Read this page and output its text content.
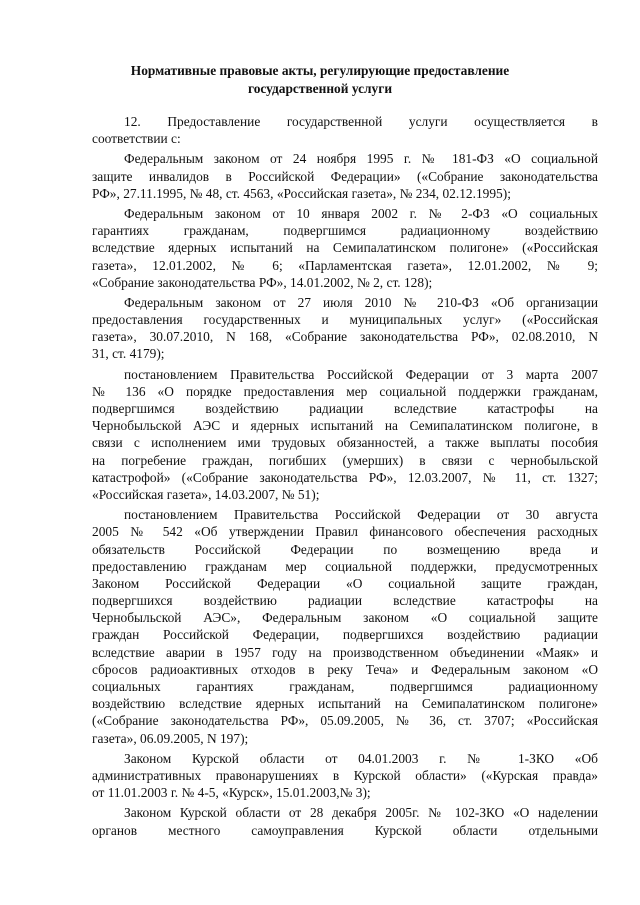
Нормативные правовые акты, регулирующие предоставление
государственной услуги
12. Предоставление государственной услуги осуществляется в
соответствии с:
Федеральным законом от 24 ноября 1995 г. № 181-ФЗ «О социальной
защите инвалидов в Российской Федерации» («Собрание законодательства
РФ», 27.11.1995, № 48, ст. 4563, «Российская газета», № 234, 02.12.1995);
Федеральным законом от 10 января 2002 г. № 2-ФЗ «О социальных
гарантиях гражданам, подвергшимся радиационному воздействию
вследствие ядерных испытаний на Семипалатинском полигоне» («Российская
газета», 12.01.2002, № 6; «Парламентская газета», 12.01.2002, № 9;
«Собрание законодательства РФ», 14.01.2002, № 2, ст. 128);
Федеральным законом от 27 июля 2010 № 210-ФЗ «Об организации
предоставления государственных и муниципальных услуг» («Российская
газета», 30.07.2010, N 168, «Собрание законодательства РФ», 02.08.2010, N
31, ст. 4179);
постановлением Правительства Российской Федерации от 3 марта 2007
№ 136 «О порядке предоставления мер социальной поддержки гражданам,
подвергшимся воздействию радиации вследствие катастрофы на
Чернобыльской АЭС и ядерных испытаний на Семипалатинском полигоне, в
связи с исполнением ими трудовых обязанностей, а также выплаты пособия
на погребение граждан, погибших (умерших) в связи с чернобыльской
катастрофой» («Собрание законодательства РФ», 12.03.2007, № 11, ст. 1327;
«Российская газета», 14.03.2007, № 51);
постановлением Правительства Российской Федерации от 30 августа
2005 № 542 «Об утверждении Правил финансового обеспечения расходных
обязательств Российской Федерации по возмещению вреда и
предоставлению гражданам мер социальной поддержки, предусмотренных
Законом Российской Федерации «О социальной защите граждан,
подвергшихся воздействию радиации вследствие катастрофы на
Чернобыльской АЭС», Федеральным законом «О социальной защите
граждан Российской Федерации, подвергшихся воздействию радиации
вследствие аварии в 1957 году на производственном объединении «Маяк» и
сбросов радиоактивных отходов в реку Теча» и Федеральным законом «О
социальных гарантиях гражданам, подвергшимся радиационному
воздействию вследствие ядерных испытаний на Семипалатинском полигоне»
(«Собрание законодательства РФ», 05.09.2005, № 36, ст. 3707; «Российская
газета», 06.09.2005, N 197);
Законом Курской области от 04.01.2003 г. № 1-ЗКО «Об
административных правонарушениях в Курской области» («Курская правда»
от 11.01.2003 г. № 4-5, «Курск», 15.01.2003,№ 3);
Законом Курской области от 28 декабря 2005г. № 102-ЗКО «О наделении
органов местного самоуправления Курской области отдельными
